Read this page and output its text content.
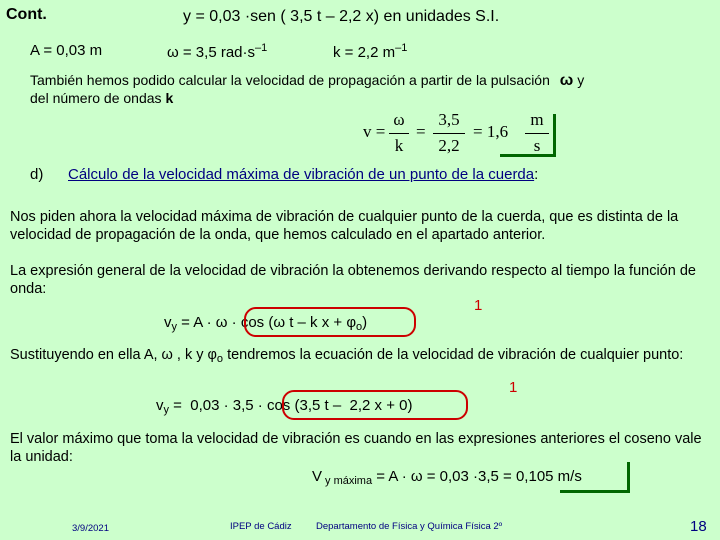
Cont.	y = 0,03 ·sen ( 3,5 t – 2,2 x) en unidades S.I.
A = 0,03 m	ω = 3,5 $rad\cdot s^{-1}$	k = 2,2 $m^{-1}$
También hemos podido calcular la velocidad de propagación a partir de la pulsación ω y
del número de ondas k
v =
ω
k
=
3,5
2,2
= 1,6
m
s
d) Cálculo de la velocidad máxima de vibración de un punto de la cuerda:
Nos piden ahora la velocidad máxima de vibración de cualquier punto de la cuerda, que es distinta de la velocidad de propagación de la onda, que hemos calculado en el apartado anterior.
La expresión general de la velocidad de vibración la obtenemos derivando respecto al tiempo la función de onda:
$v_y = A \cdot \omega \cdot \cos (\omega$ t – k $x + \varphi_o$)
1
Sustituyendo en ella A, ω , k y $\varphi_o$ tendremos la ecuación de la velocidad de vibración de cualquier punto:
$v_y = 0,03 \cdot 3,5 \cdot \cos (3,5$ t –  2,2 x + 0)
1
El valor máximo que toma la velocidad de vibración es cuando en las expresiones anteriores el coseno vale la unidad:
V $_{y máxima}$ = A · ω = 0,03 ·3,5 = 0,105 m/s
3/9/2021	IPEP de Cádiz	Departamento de Física y Química Física 2º	18
